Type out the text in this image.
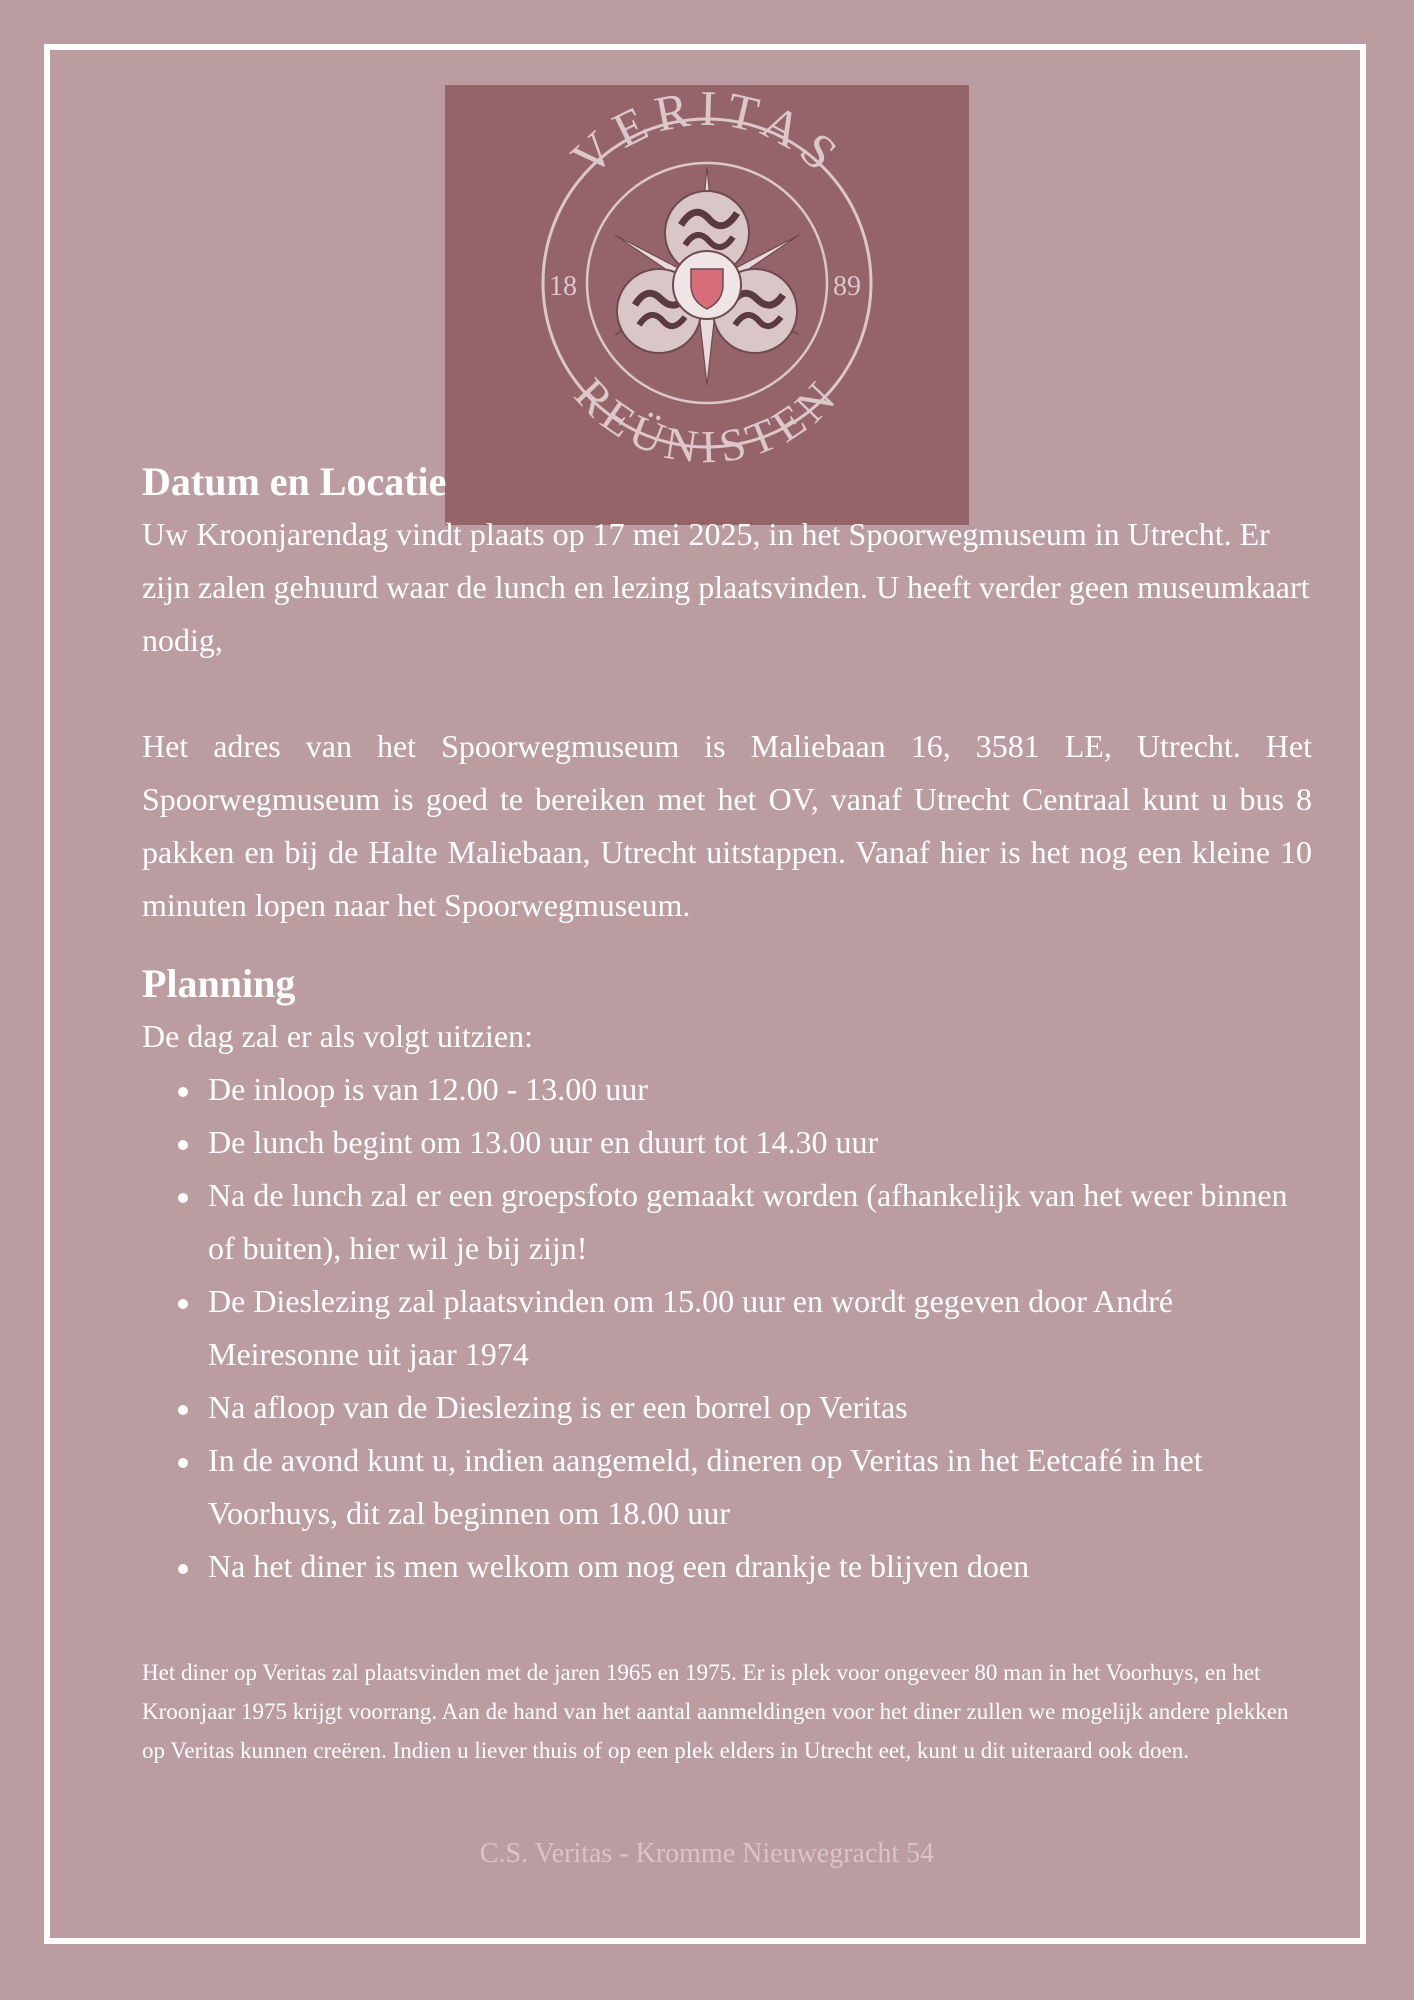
VERITAS
REÜNISTEN
18	89
Datum en Locatie

Uw Kroonjarendag vindt plaats op 17 mei 2025, in het Spoorwegmuseum in Utrecht. Er zijn zalen gehuurd waar de lunch en lezing plaatsvinden. U heeft verder geen museumkaart nodig,

Het adres van het Spoorwegmuseum is Maliebaan 16, 3581 LE, Utrecht. Het Spoorwegmuseum is goed te bereiken met het OV, vanaf Utrecht Centraal kunt u bus 8 pakken en bij de Halte Maliebaan, Utrecht uitstappen. Vanaf hier is het nog een kleine 10 minuten lopen naar het Spoorwegmuseum.

Planning

De dag zal er als volgt uitzien:

De inloop is van 12.00 - 13.00 uur
De lunch begint om 13.00 uur en duurt tot 14.30 uur
Na de lunch zal er een groepsfoto gemaakt worden (afhankelijk van het weer binnen of buiten), hier wil je bij zijn!
De Dieslezing zal plaatsvinden om 15.00 uur en wordt gegeven door André Meiresonne uit jaar 1974
Na afloop van de Dieslezing is er een borrel op Veritas
In de avond kunt u, indien aangemeld, dineren op Veritas in het Eetcafé in het Voorhuys, dit zal beginnen om 18.00 uur
Na het diner is men welkom om nog een drankje te blijven doen

Het diner op Veritas zal plaatsvinden met de jaren 1965 en 1975. Er is plek voor ongeveer 80 man in het Voorhuys, en het Kroonjaar 1975 krijgt voorrang. Aan de hand van het aantal aanmeldingen voor het diner zullen we mogelijk andere plekken op Veritas kunnen creëren. Indien u liever thuis of op een plek elders in Utrecht eet, kunt u dit uiteraard ook doen.

C.S. Veritas - Kromme Nieuwegracht 54
